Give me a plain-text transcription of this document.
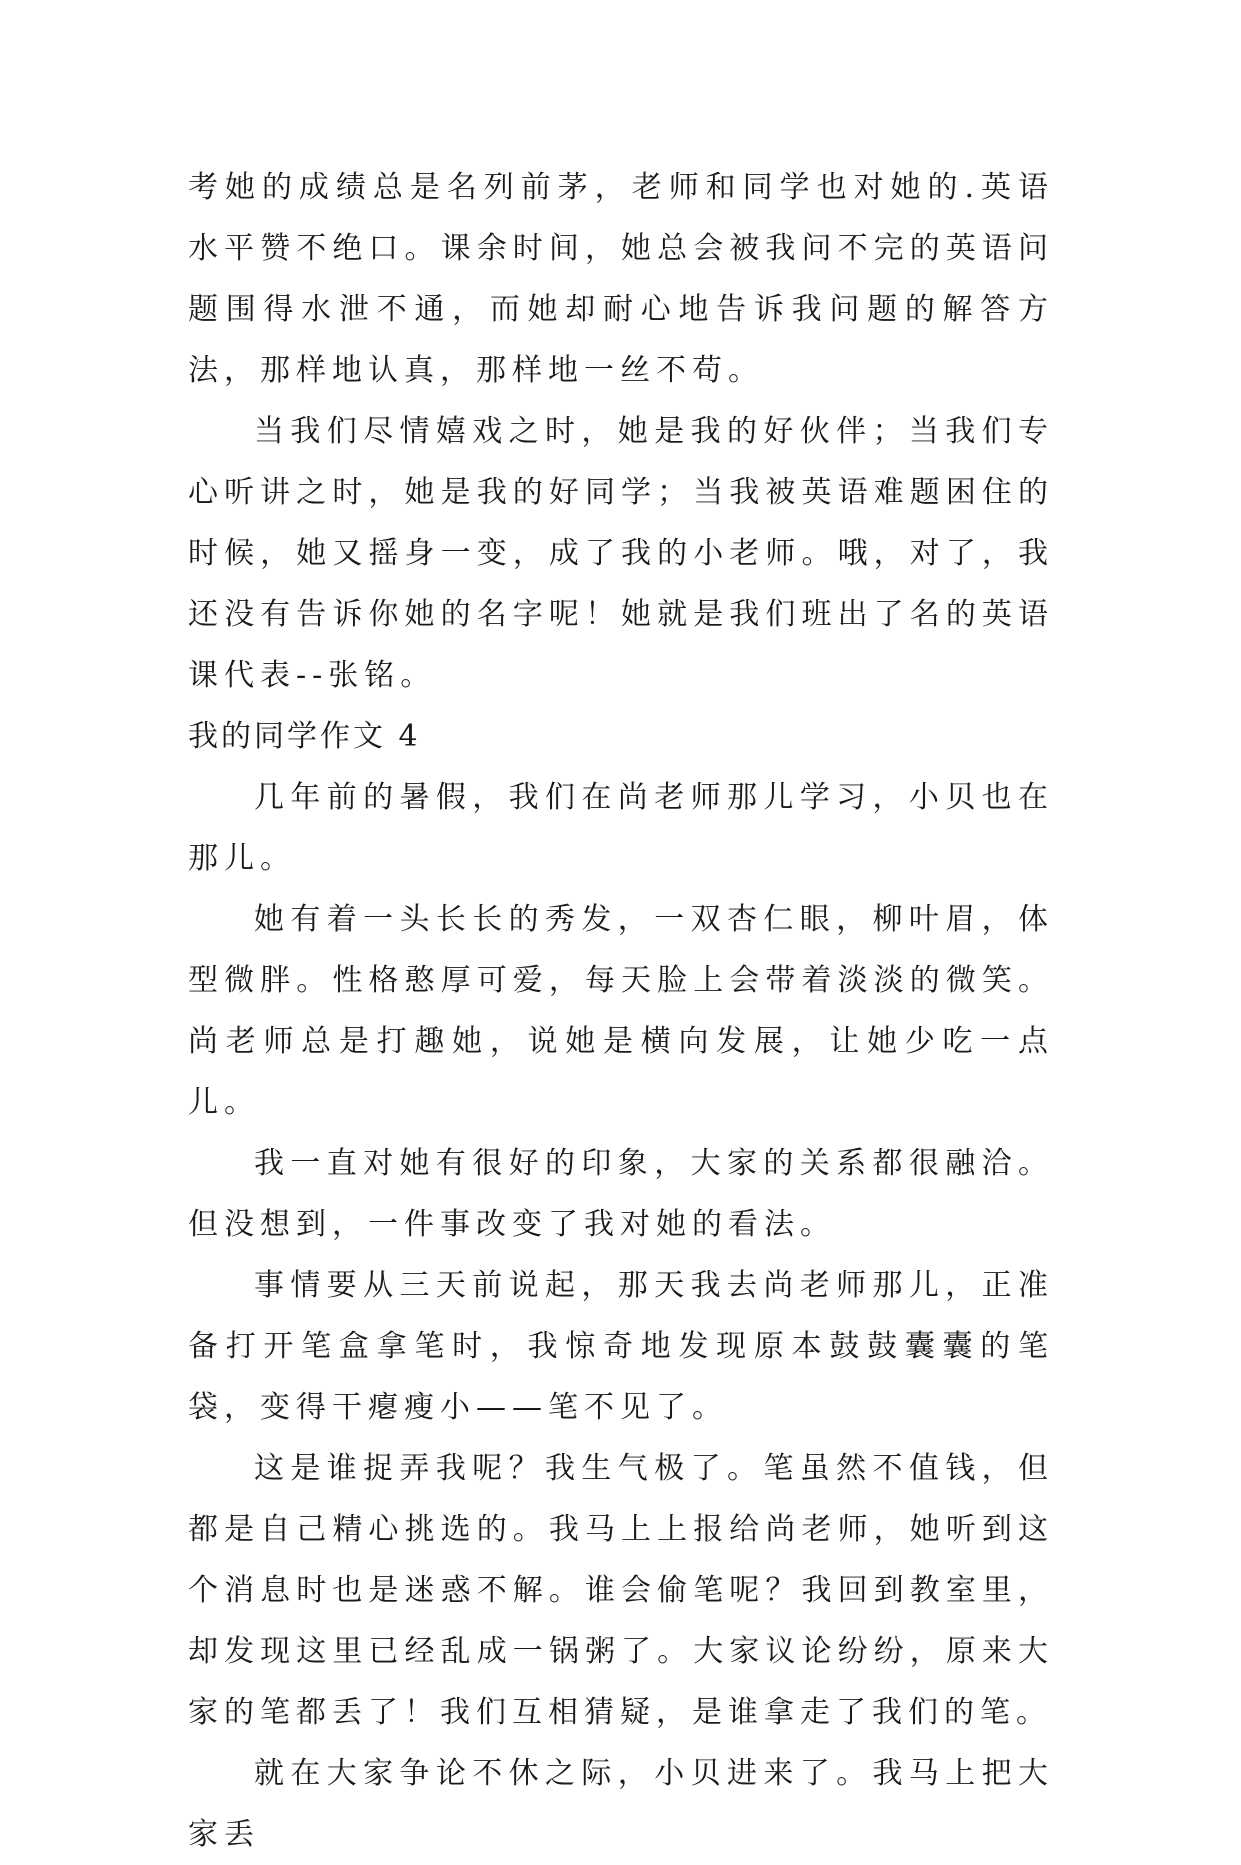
考她的成绩总是名列前茅，老师和同学也对她的.英语水平赞不绝口。课余时间，她总会被我问不完的英语问题围得水泄不通，而她却耐心地告诉我问题的解答方法，那样地认真，那样地一丝不苟。

当我们尽情嬉戏之时，她是我的好伙伴；当我们专心听讲之时，她是我的好同学；当我被英语难题困住的时候，她又摇身一变，成了我的小老师。哦，对了，我还没有告诉你她的名字呢！她就是我们班出了名的英语课代表--张铭。

我的同学作文 4

几年前的暑假，我们在尚老师那儿学习，小贝也在那儿。

她有着一头长长的秀发，一双杏仁眼，柳叶眉，体型微胖。性格憨厚可爱，每天脸上会带着淡淡的微笑。尚老师总是打趣她，说她是横向发展，让她少吃一点儿。

我一直对她有很好的印象，大家的关系都很融洽。但没想到，一件事改变了我对她的看法。

事情要从三天前说起，那天我去尚老师那儿，正准备打开笔盒拿笔时，我惊奇地发现原本鼓鼓囊囊的笔袋，变得干瘪瘦小——笔不见了。

这是谁捉弄我呢？我生气极了。笔虽然不值钱，但都是自己精心挑选的。我马上上报给尚老师，她听到这个消息时也是迷惑不解。谁会偷笔呢？我回到教室里，却发现这里已经乱成一锅粥了。大家议论纷纷，原来大家的笔都丢了！我们互相猜疑，是谁拿走了我们的笔。

就在大家争论不休之际，小贝进来了。我马上把大家丢
